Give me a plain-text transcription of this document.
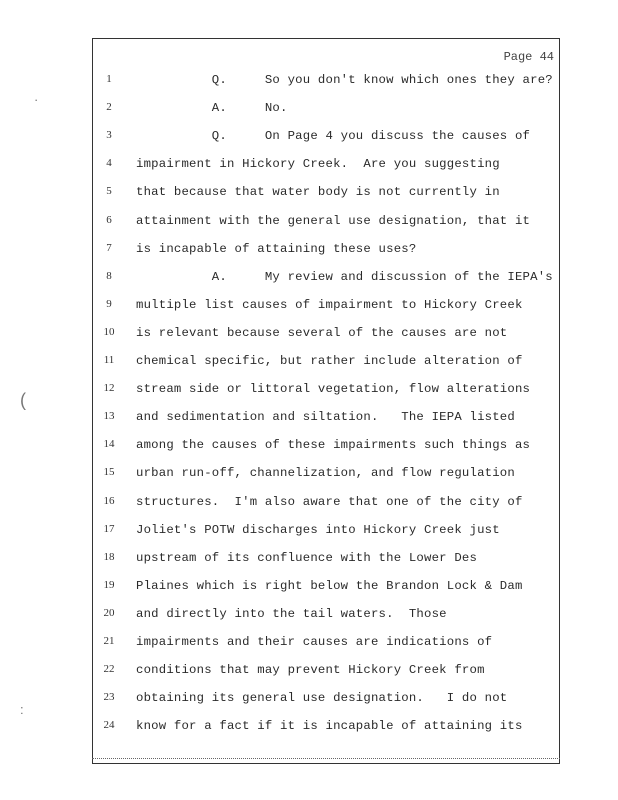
Page 44
·
(
:
1	Q.     So you don't know which ones they are?
2	A.     No.
3	Q.     On Page 4 you discuss the causes of
4	impairment in Hickory Creek.  Are you suggesting
5	that because that water body is not currently in
6	attainment with the general use designation, that it
7	is incapable of attaining these uses?
8	A.     My review and discussion of the IEPA's
9	multiple list causes of impairment to Hickory Creek
10	is relevant because several of the causes are not
11	chemical specific, but rather include alteration of
12	stream side or littoral vegetation, flow alterations
13	and sedimentation and siltation.   The IEPA listed
14	among the causes of these impairments such things as
15	urban run-off, channelization, and flow regulation
16	structures.  I'm also aware that one of the city of
17	Joliet's POTW discharges into Hickory Creek just
18	upstream of its confluence with the Lower Des
19	Plaines which is right below the Brandon Lock & Dam
20	and directly into the tail waters.  Those
21	impairments and their causes are indications of
22	conditions that may prevent Hickory Creek from
23	obtaining its general use designation.   I do not
24	know for a fact if it is incapable of attaining its
